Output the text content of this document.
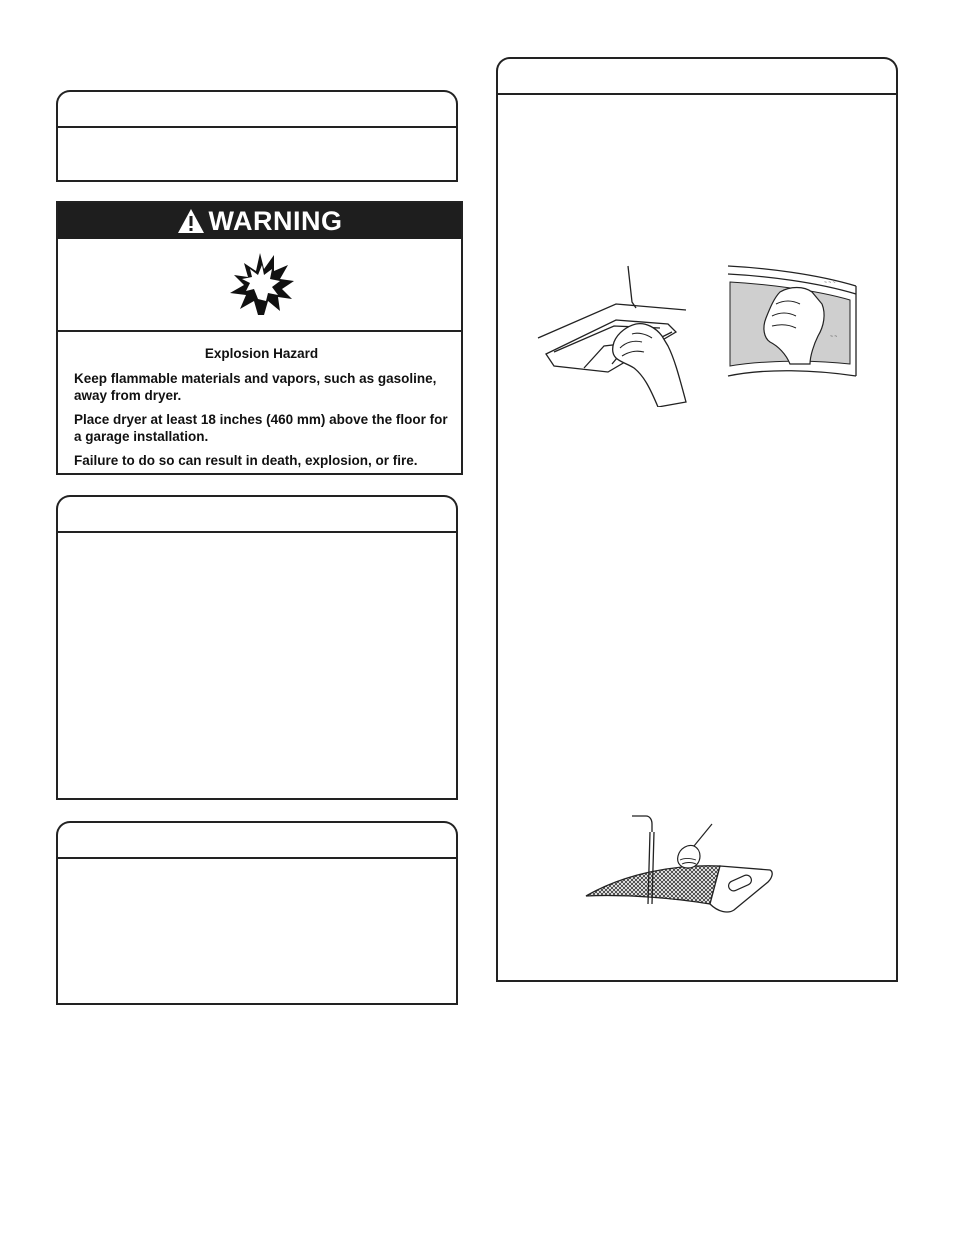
WARNING

Explosion Hazard

Keep flammable materials and vapors, such as gasoline, away from dryer.

Place dryer at least 18 inches (460 mm) above the floor for a garage installation.

Failure to do so can result in death, explosion, or fire.

~ ~ ~
~ ~
